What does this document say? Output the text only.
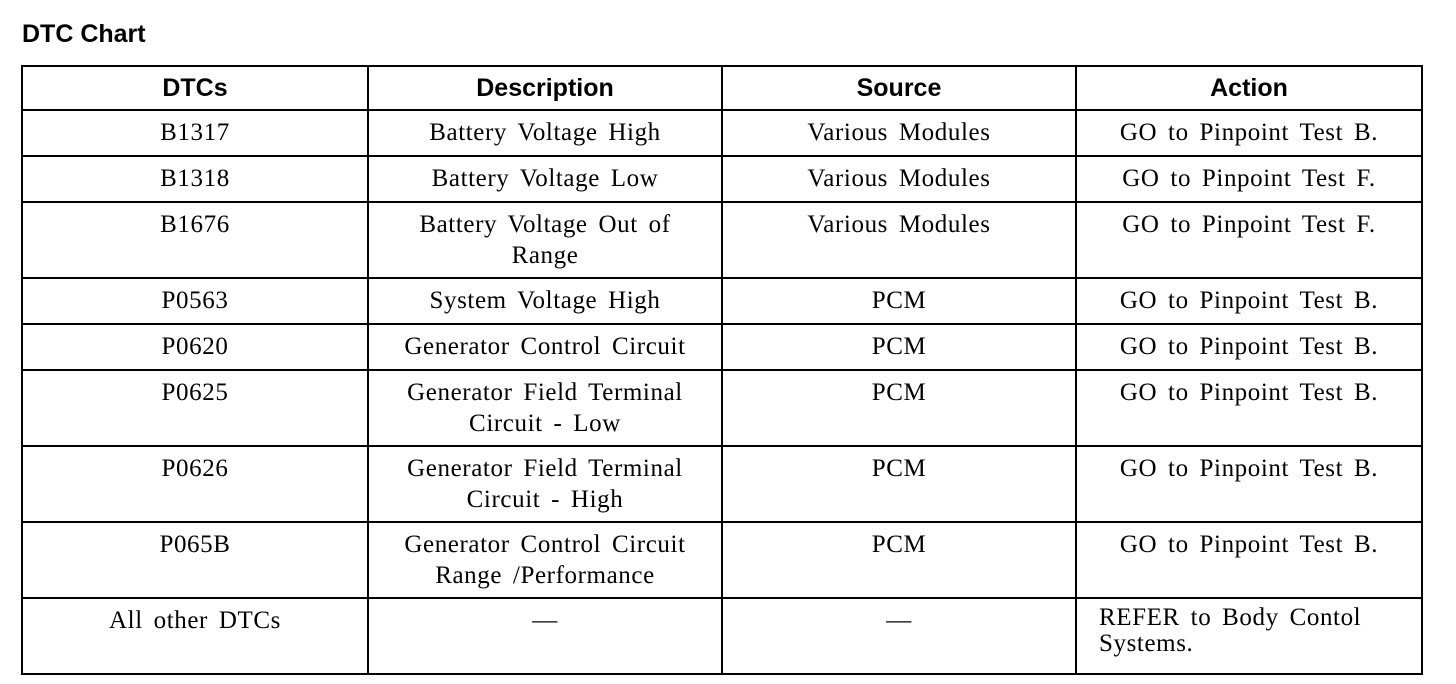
DTC Chart
DTCs	Description	Source	Action

B1317	Battery Voltage High	Various Modules	GO to Pinpoint Test B.

B1318	Battery Voltage Low	Various Modules	GO to Pinpoint Test F.

B1676	Battery Voltage Out of Range	Various Modules	GO to Pinpoint Test F.

P0563	System Voltage High	PCM	GO to Pinpoint Test B.

P0620	Generator Control Circuit	PCM	GO to Pinpoint Test B.

P0625	Generator Field Terminal Circuit - Low	PCM	GO to Pinpoint Test B.

P0626	Generator Field Terminal Circuit - High	PCM	GO to Pinpoint Test B.

P065B	Generator Control Circuit Range /Performance	PCM	GO to Pinpoint Test B.

All other DTCs	—	—	REFER to Body Contol Systems.
